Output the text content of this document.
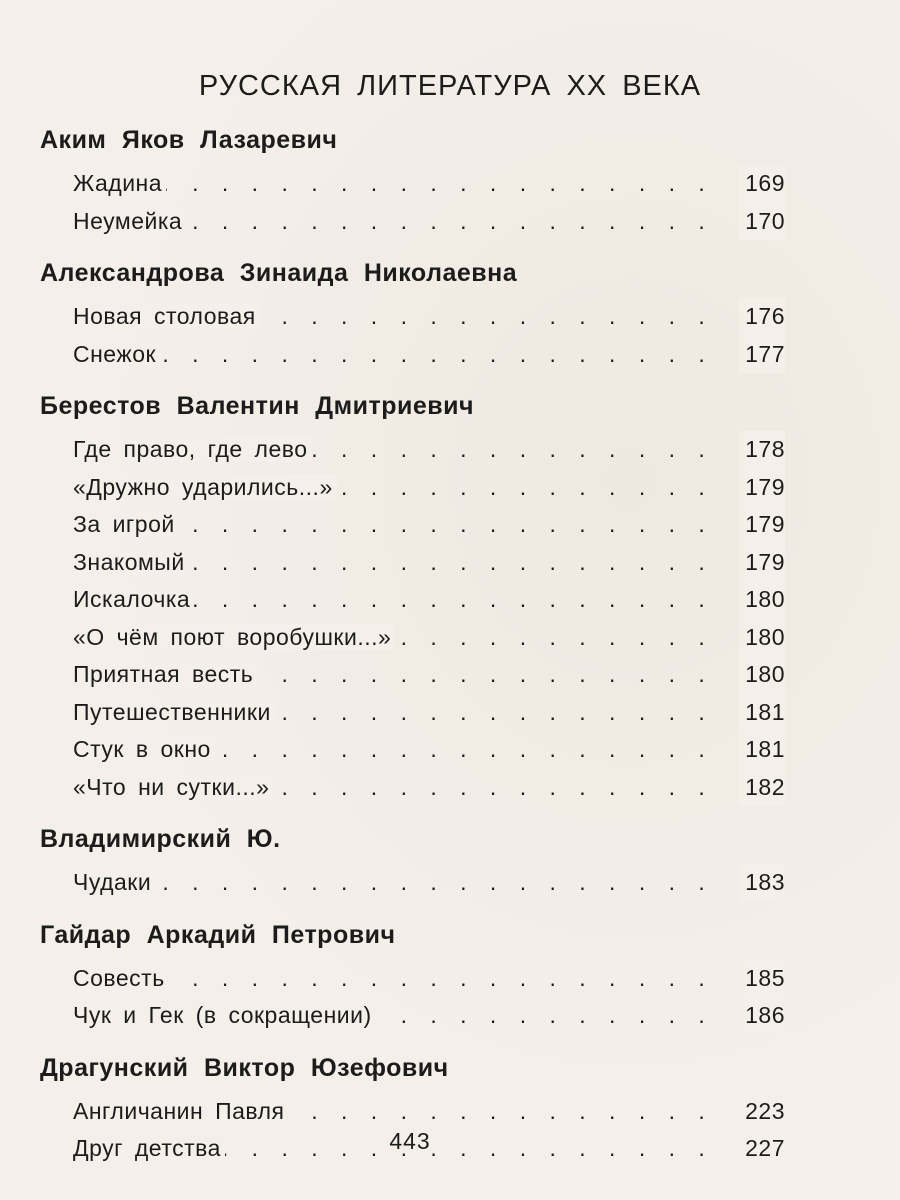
РУССКАЯ ЛИТЕРАТУРА ХХ ВЕКА
Аким Яков Лазаревич
. . .
Жадина	169
. . .
Неумейка	170
Александрова Зинаида Николаевна
. . .
Новая столовая	176
. . .
Снежок	177
Берестов Валентин Дмитриевич
. . .
Где право, где лево	178
. . .
«Дружно ударились...»	179
. . .
За игрой	179
. . .
Знакомый	179
. . .
Искалочка	180
. . .
«О чём поют воробушки...»	180
. . .
Приятная весть	180
. . .
Путешественники	181
. . .
Стук в окно	181
. . .
«Что ни сутки...»	182
Владимирский Ю.
. . .
Чудаки	183
Гайдар Аркадий Петрович
. . .
Совесть	185
. . .
Чук и Гек (в сокращении)	186
Драгунский Виктор Юзефович
. . .
Англичанин Павля	223
. . .
Друг детства	227
443
